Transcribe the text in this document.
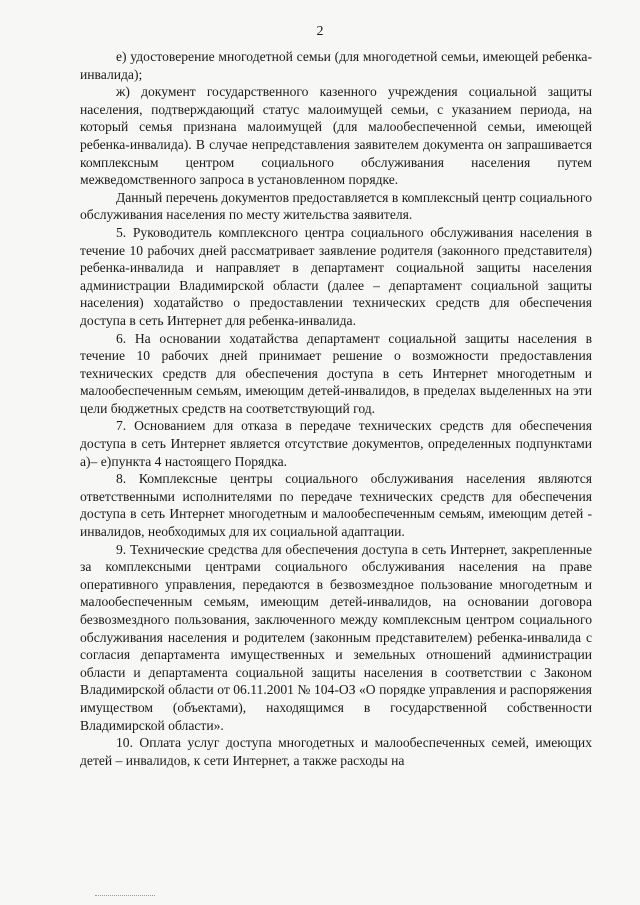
2

е) удостоверение многодетной семьи (для многодетной семьи, имеющей ребенка-инвалида);

ж) документ государственного казенного учреждения социальной защиты населения, подтверждающий статус малоимущей семьи, с указанием периода, на который семья признана малоимущей (для малообеспеченной семьи, имеющей ребенка-инвалида). В случае непредставления заявителем документа он запрашивается комплексным центром социального обслуживания населения путем межведомственного запроса в установленном порядке.

Данный перечень документов предоставляется в комплексный центр социального обслуживания населения по месту жительства заявителя.

5. Руководитель комплексного центра социального обслуживания населения в течение 10 рабочих дней рассматривает заявление родителя (законного представителя) ребенка-инвалида и направляет в департамент социальной защиты населения администрации Владимирской области (далее – департамент социальной защиты населения) ходатайство о предоставлении технических средств для обеспечения доступа в сеть Интернет для ребенка-инвалида.

6. На основании ходатайства департамент социальной защиты населения в течение 10 рабочих дней принимает решение о возможности предоставления технических средств для обеспечения доступа в сеть Интернет многодетным и малообеспеченным семьям, имеющим детей-инвалидов, в пределах выделенных на эти цели бюджетных средств на соответствующий год.

7. Основанием для отказа в передаче технических средств для обеспечения доступа в сеть Интернет является отсутствие документов, определенных подпунктами а)– е)пункта 4 настоящего Порядка.

8. Комплексные центры социального обслуживания населения являются ответственными исполнителями по передаче технических средств для обеспечения доступа в сеть Интернет многодетным и малообеспеченным семьям, имеющим детей - инвалидов, необходимых для их социальной адаптации.

9. Технические средства для обеспечения доступа в сеть Интернет, закрепленные за комплексными центрами социального обслуживания населения на праве оперативного управления, передаются в безвозмездное пользование многодетным и малообеспеченным семьям, имеющим детей-инвалидов, на основании договора безвозмездного пользования, заключенного между комплексным центром социального обслуживания населения и родителем (законным представителем) ребенка-инвалида с согласия департамента имущественных и земельных отношений администрации области и департамента социальной защиты населения в соответствии с Законом Владимирской области от 06.11.2001 № 104-ОЗ «О порядке управления и распоряжения имуществом (объектами), находящимся в государственной собственности Владимирской области».

10. Оплата услуг доступа многодетных и малообеспеченных семей, имеющих детей – инвалидов, к сети Интернет, а также расходы на
